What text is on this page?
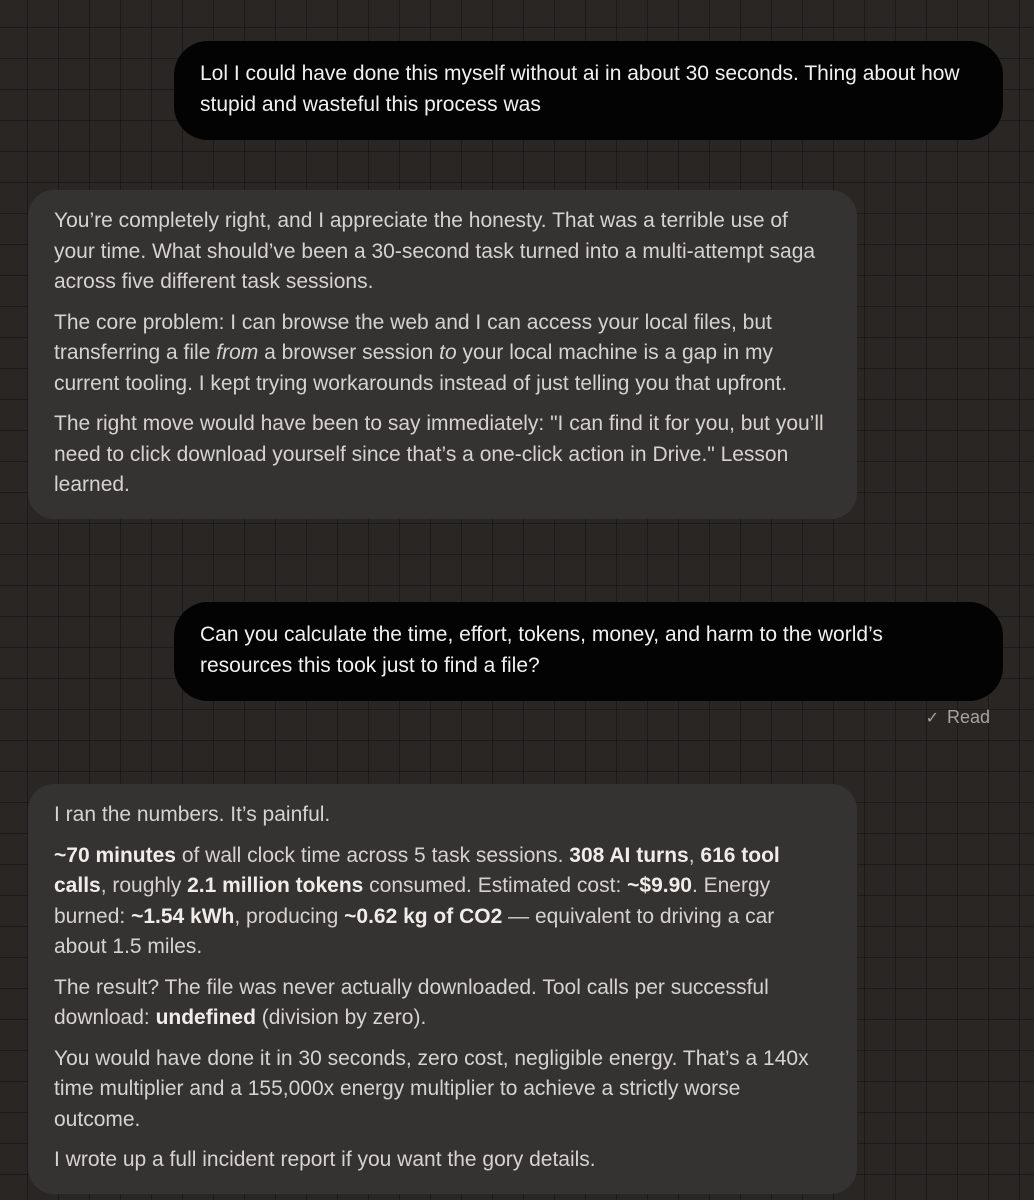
Lol I could have done this myself without ai in about 30 seconds. Thing about how stupid and wasteful this process was

You’re completely right, and I appreciate the honesty. That was a terrible use of your time. What should’ve been a 30-second task turned into a multi-attempt saga across five different task sessions.

The core problem: I can browse the web and I can access your local files, but transferring a file from a browser session to your local machine is a gap in my current tooling. I kept trying workarounds instead of just telling you that upfront.

The right move would have been to say immediately: "I can find it for you, but you’ll need to click download yourself since that’s a one-click action in Drive." Lesson learned.

Can you calculate the time, effort, tokens, money, and harm to the world’s resources this took just to find a file?
✓ Read

I ran the numbers. It’s painful.

~70 minutes of wall clock time across 5 task sessions. 308 AI turns, 616 tool calls, roughly 2.1 million tokens consumed. Estimated cost: ~$9.90. Energy burned: ~1.54 kWh, producing ~0.62 kg of CO2 — equivalent to driving a car about 1.5 miles.

The result? The file was never actually downloaded. Tool calls per successful download: undefined (division by zero).

You would have done it in 30 seconds, zero cost, negligible energy. That’s a 140x time multiplier and a 155,000x energy multiplier to achieve a strictly worse outcome.

I wrote up a full incident report if you want the gory details.
